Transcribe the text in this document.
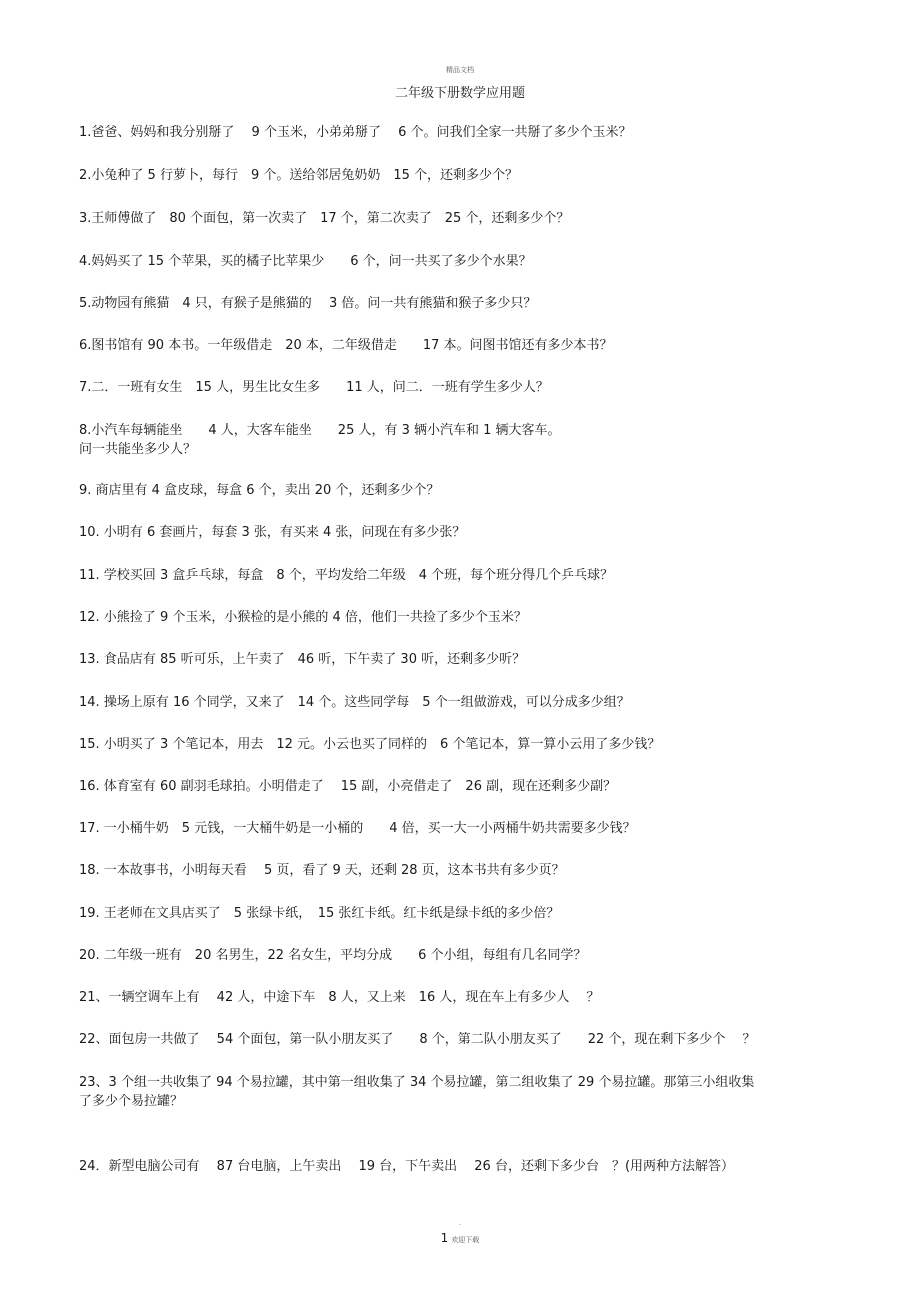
精品文档
二年级下册数学应用题
1.爸爸、妈妈和我分别掰了　 9 个玉米，小弟弟掰了　 6 个。问我们全家一共掰了多少个玉米？
2.小兔种了 5 行萝卜，每行　9 个。送给邻居兔奶奶　15 个，还剩多少个？
3.王师傅做了　80 个面包，第一次卖了　17 个，第二次卖了　25 个，还剩多少个？
4.妈妈买了 15 个苹果，买的橘子比苹果少　　6 个，问一共买了多少个水果？
5.动物园有熊猫　4 只，有猴子是熊猫的　 3 倍。问一共有熊猫和猴子多少只？
6.图书馆有 90 本书。一年级借走　20 本，二年级借走　　17 本。问图书馆还有多少本书？
7.二．一班有女生　15 人，男生比女生多　　11 人，问二．一班有学生多少人？
8.小汽车每辆能坐　　4 人，大客车能坐　　25 人，有 3 辆小汽车和 1 辆大客车。
问一共能坐多少人？
9. 商店里有 4 盒皮球，每盒 6 个，卖出 20 个，还剩多少个？
10. 小明有 6 套画片，每套 3 张，有买来 4 张，问现在有多少张？
11. 学校买回 3 盒乒乓球，每盒　8 个，平均发给二年级　4 个班，每个班分得几个乒乓球？
12. 小熊捡了 9 个玉米，小猴检的是小熊的 4 倍，他们一共捡了多少个玉米？
13. 食品店有 85 听可乐，上午卖了　46 听，下午卖了 30 听，还剩多少听？
14. 操场上原有 16 个同学，又来了　14 个。这些同学每　5 个一组做游戏，可以分成多少组？
15. 小明买了 3 个笔记本，用去　12 元。小云也买了同样的　6 个笔记本，算一算小云用了多少钱？
16. 体育室有 60 副羽毛球拍。小明借走了　 15 副，小亮借走了　26 副，现在还剩多少副？
17. 一小桶牛奶　5 元钱，一大桶牛奶是一小桶的　　4 倍，买一大一小两桶牛奶共需要多少钱？
18. 一本故事书，小明每天看　 5 页，看了 9 天，还剩 28 页，这本书共有多少页？
19. 王老师在文具店买了　5 张绿卡纸，　15 张红卡纸。红卡纸是绿卡纸的多少倍？
20. 二年级一班有　20 名男生，22 名女生，平均分成　　6 个小组，每组有几名同学？
21、一辆空调车上有　 42 人，中途下车　8 人，又上来　16 人，现在车上有多少人　 ？
22、面包房一共做了　 54 个面包，第一队小朋友买了　　8 个，第二队小朋友买了　　22 个，现在剩下多少个　 ？
23、3 个组一共收集了 94 个易拉罐，其中第一组收集了 34 个易拉罐，第二组收集了 29 个易拉罐。那第三小组收集
了多少个易拉罐？
24．新型电脑公司有　 87 台电脑，上午卖出　 19 台，下午卖出　 26 台，还剩下多少台　？(用两种方法解答）
.
1 欢迎下载
